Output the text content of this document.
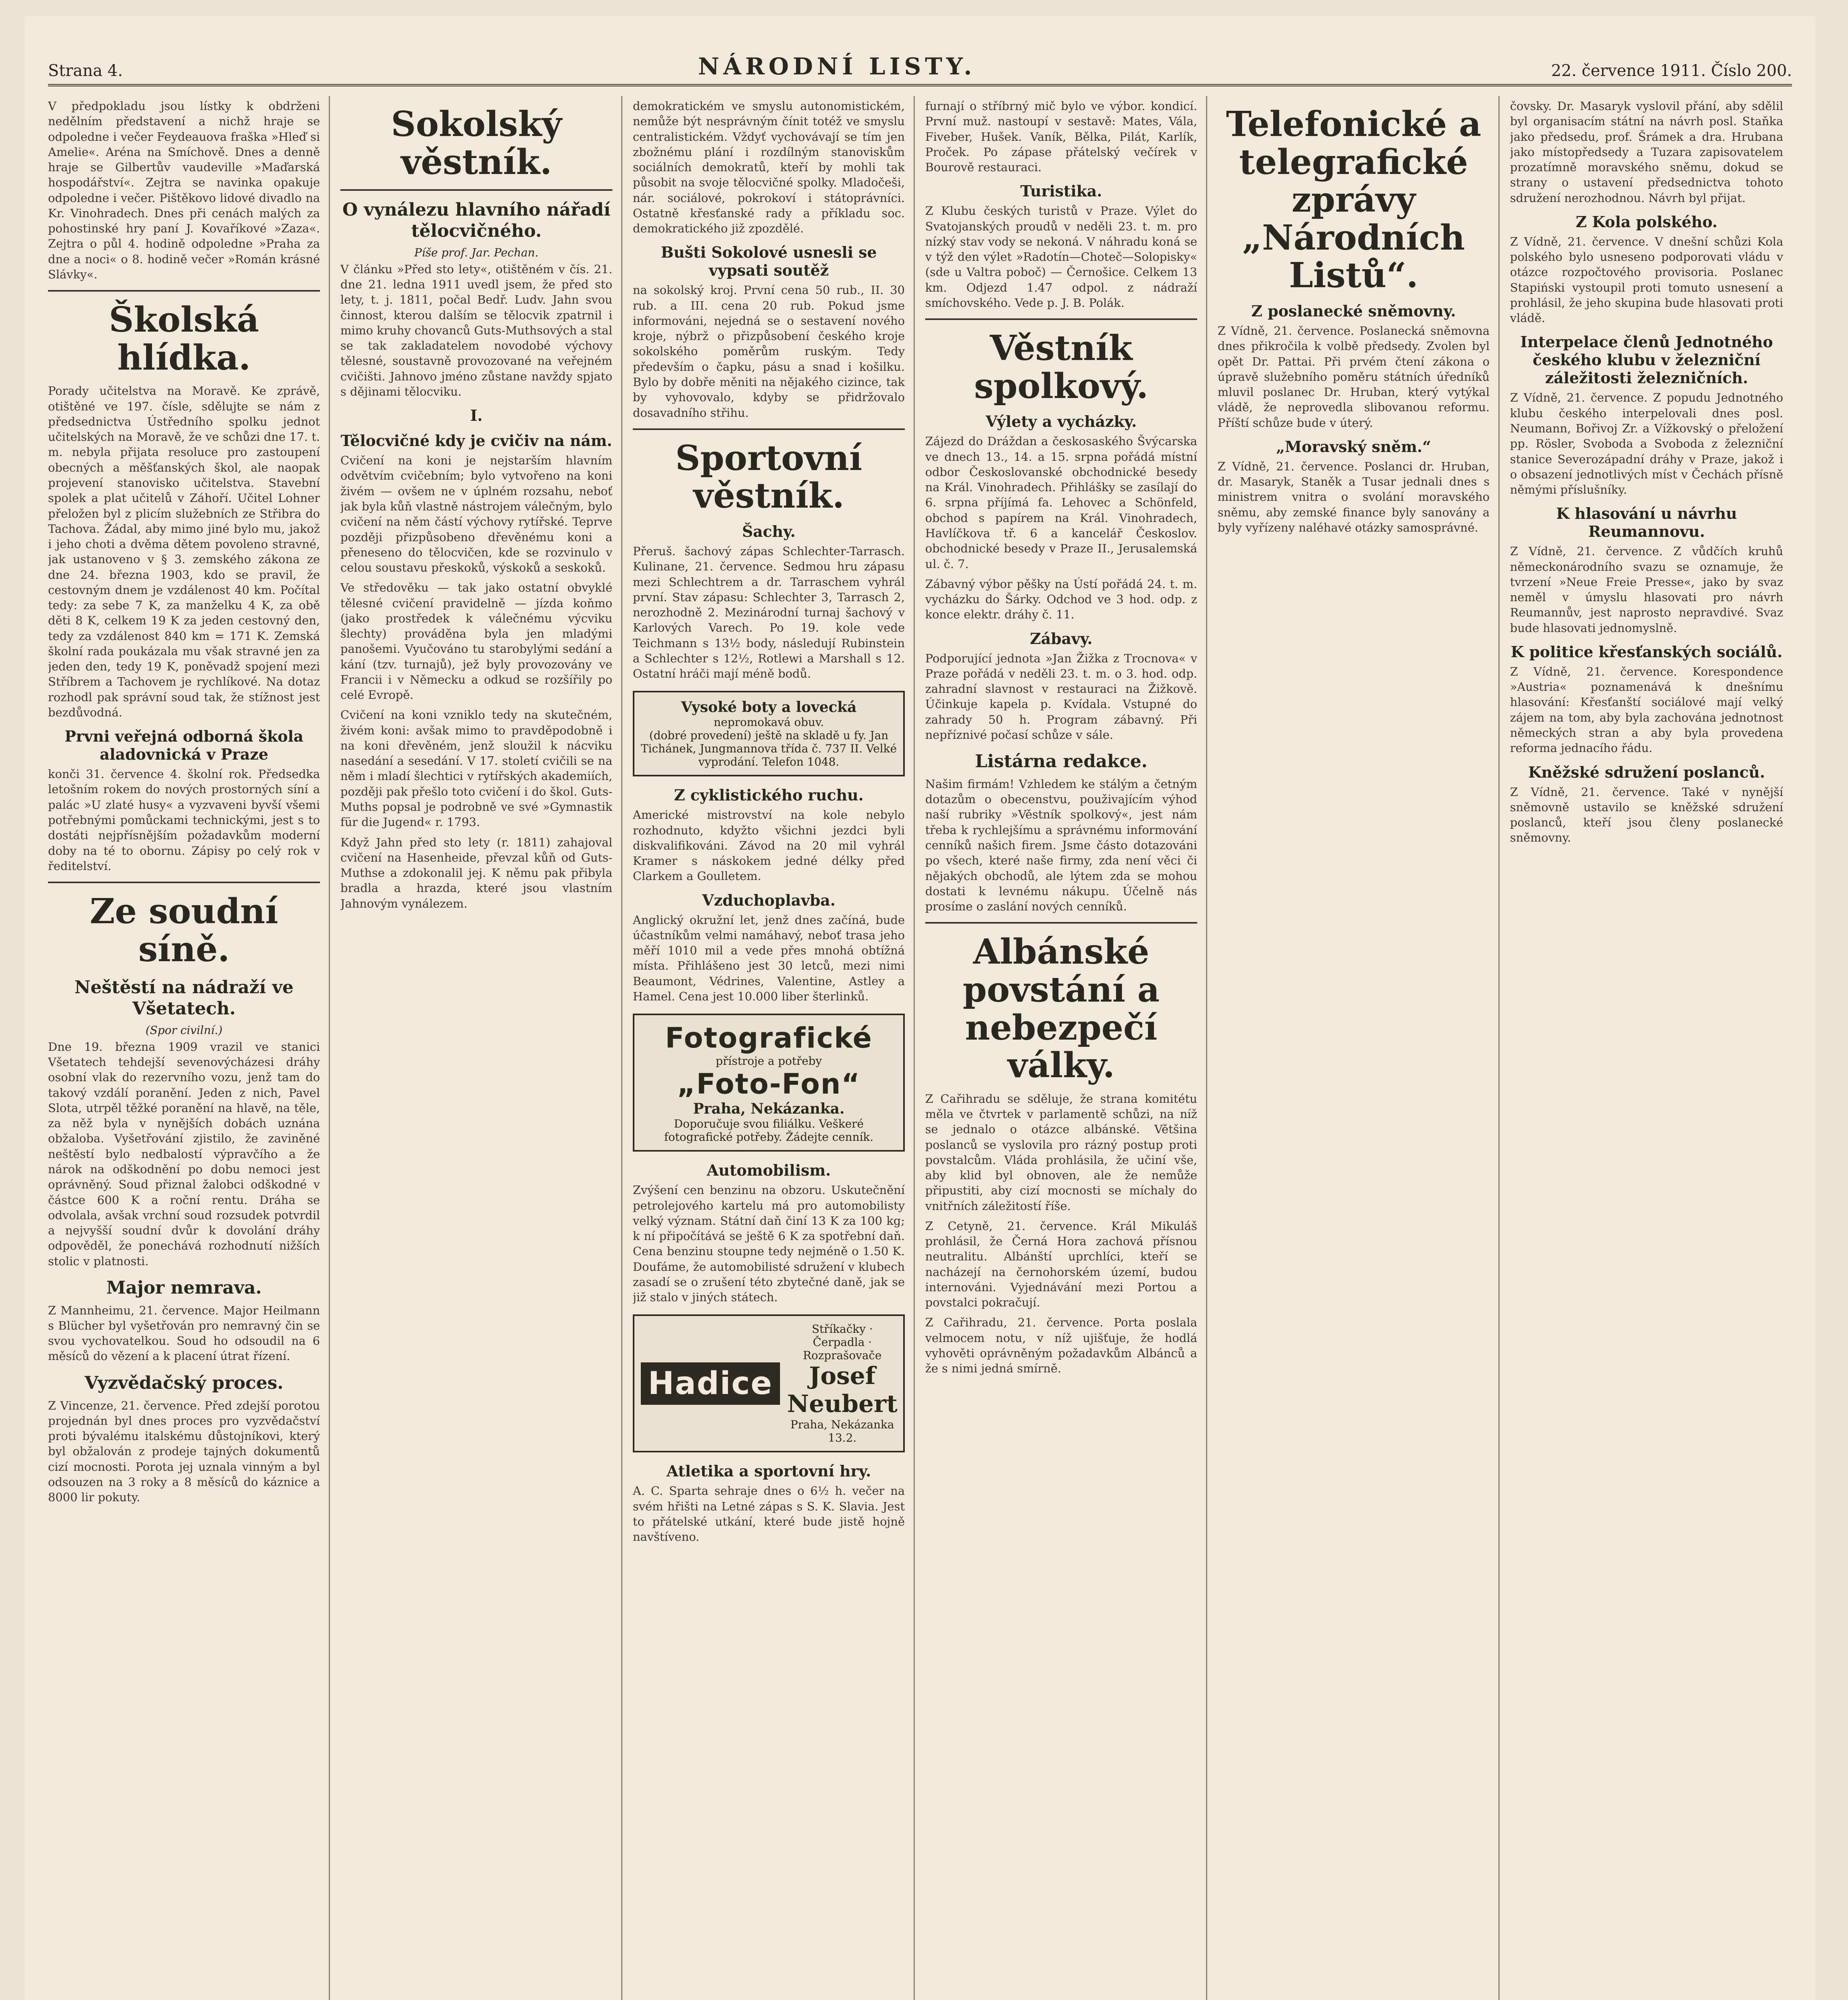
Strana 4.	NÁRODNÍ LISTY.	22. července 1911. Číslo 200.

V předpokladu jsou lístky k obdrženi nedělním představení a nichž hraje se odpoledne i večer Feydeauova fraška »Hleď si Amelie«. Aréna na Smíchově. Dnes a denně hraje se Gilbertův vaudeville »Maďarská hospodářství«. Zejtra se navinka opakuje odpoledne i večer. Pištěkovo lidové divadlo na Kr. Vinohradech. Dnes při cenách malých za pohostinské hry paní J. Kovaříkové »Zaza«. Zejtra o půl 4. hodině odpoledne »Praha za dne a noci« o 8. hodině večer »Román krásné Slávky«.

Školská hlídka.

Porady učitelstva na Moravě. Ke zprávě, otištěné ve 197. čísle, sdělujte se nám z předsednictva Ústředního spolku jednot učitelských na Moravě, že ve schůzi dne 17. t. m. nebyla přijata resoluce pro zastoupení obecných a měšťanských škol, ale naopak projevení stanovisko učitelstva. Stavební spolek a plat učitelů v Záhoří. Učitel Lohner přeložen byl z plicím služebních ze Střibra do Tachova. Žádal, aby mimo jiné bylo mu, jakož i jeho choti a dvěma dětem povoleno stravné, jak ustanoveno v § 3. zemského zákona ze dne 24. března 1903, kdo se pravil, že cestovným dnem je vzdálenost 40 km. Počítal tedy: za sebe 7 K, za manželku 4 K, za obě děti 8 K, celkem 19 K za jeden cestovný den, tedy za vzdálenost 840 km = 171 K. Zemská školní rada poukázala mu však stravné jen za jeden den, tedy 19 K, poněvadž spojení mezi Stříbrem a Tachovem je rychlíkové. Na dotaz rozhodl pak správní soud tak, že stížnost jest bezdůvodná.

Prvni veřejná odborná škola aladovnická v Praze

konči 31. července 4. školní rok. Předsedka letošním rokem do nových prostorných síní a palác »U zlaté husy« a vyzvaveni byvší všemi potřebnými pomůckami technickými, jest s to dostáti nejpřísnějším požadavkům moderní doby na té to obornu. Zápisy po celý rok v ředitelství.

Ze soudní síně.
Neštěstí na nádraží ve Všetatech.

(Spor civilní.)

Dne 19. března 1909 vrazil ve stanici Všetatech tehdejší sevenovýcházesi dráhy osobní vlak do rezervního vozu, jenž tam do takový vzdálí poranění. Jeden z nich, Pavel Slota, utrpěl těžké poranění na hlavě, na těle, za něž byla v nynějších dobách uznána obžaloba. Vyšetřování zjistilo, že zaviněné neštěstí bylo nedbalostí výpravčího a že nárok na odškodnění po dobu nemoci jest oprávněný. Soud přiznal žalobci odškodné v částce 600 K a roční rentu. Dráha se odvolala, avšak vrchní soud rozsudek potvrdil a nejvyšší soudní dvůr k dovolání dráhy odpověděl, že ponechává rozhodnutí nižších stolic v platnosti.

Major nemrava.

Z Mannheimu, 21. července. Major Heilmann s Blücher byl vyšetřován pro nemravný čin se svou vychovatelkou. Soud ho odsoudil na 6 měsíců do vězení a k placení útrat řízení.

Vyzvědačský proces.

Z Vincenze, 21. července. Před zdejší porotou projednán byl dnes proces pro vyzvědačství proti bývalému italskému důstojníkovi, který byl obžalován z prodeje tajných dokumentů cizí mocnosti. Porota jej uznala vinným a byl odsouzen na 3 roky a 8 měsíců do káznice a 8000 lir pokuty.

Sokolský věstník.
O vynálezu hlavního nářadí tělocvičného.

Píše prof. Jar. Pechan.

V článku »Před sto lety«, otištěném v čís. 21. dne 21. ledna 1911 uvedl jsem, že před sto lety, t. j. 1811, počal Bedř. Ludv. Jahn svou činnost, kterou dalším se tělocvik zpatrnil i mimo kruhy chovanců Guts-Muthsových a stal se tak zakladatelem novodobé výchovy tělesné, soustavně provozované na veřejném cvičišti. Jahnovo jméno zůstane navždy spjato s dějinami tělocviku.

I.
Tělocvičné kdy je cvičiv na nám.

Cvičení na koni je nejstarším hlavním odvětvím cvičebním; bylo vytvořeno na koni živém — ovšem ne v úplném rozsahu, neboť jak byla kůň vlastně nástrojem válečným, bylo cvičení na něm částí výchovy rytířské. Teprve později přizpůsobeno dřevěnému koni a přeneseno do tělocvičen, kde se rozvinulo v celou soustavu přeskoků, výskoků a seskoků.

Ve středověku — tak jako ostatní obvyklé tělesné cvičení pravidelně — jízda koňmo (jako prostředek k válečnému výcviku šlechty) prováděna byla jen mladými panošemi. Vyučováno tu starobylými sedání a kání (tzv. turnajů), jež byly provozovány ve Francii i v Německu a odkud se rozšířily po celé Evropě.

Cvičení na koni vzniklo tedy na skutečném, živém koni: avšak mimo to pravděpodobně i na koni dřevěném, jenž sloužil k nácviku nasedání a sesedání. V 17. století cvičili se na něm i mladí šlechtici v rytířských akademiích, později pak přešlo toto cvičení i do škol. Guts-Muths popsal je podrobně ve své »Gymnastik für die Jugend« r. 1793.

Když Jahn před sto lety (r. 1811) zahajoval cvičení na Hasenheide, převzal kůň od Guts-Muthse a zdokonalil jej. K němu pak přibyla bradla a hrazda, které jsou vlastním Jahnovým vynálezem.

demokratickém ve smyslu autonomistickém, nemůže být nesprávným čínit totéž ve smyslu centralistickém. Vždyť vychovávají se tím jen zbožnému plání i rozdílným stanoviskům sociálních demokratů, kteří by mohli tak působit na svoje tělocvičné spolky. Mladočeši, nár. sociálové, pokrokoví i státoprávníci. Ostatně křesťanské rady a příkladu soc. demokratického již zpozdělé.

Bušti Sokolové usnesli se vypsati soutěž

na sokolský kroj. První cena 50 rub., II. 30 rub. a III. cena 20 rub. Pokud jsme informováni, nejedná se o sestavení nového kroje, nýbrž o přizpůsobení českého kroje sokolského poměrům ruským. Tedy především o čapku, pásu a snad i košilku. Bylo by dobře měniti na nějakého cizince, tak by vyhovovalo, kdyby se přidržovalo dosavadního střihu.

Sportovní věstník.
Šachy.

Přeruš. šachový zápas Schlechter-Tarrasch. Kulinane, 21. července. Sedmou hru zápasu mezi Schlechtrem a dr. Tarraschem vyhrál první. Stav zápasu: Schlechter 3, Tarrasch 2, nerozhodně 2. Mezinárodní turnaj šachový v Karlových Varech. Po 19. kole vede Teichmann s 13½ body, následují Rubinstein a Schlechter s 12½, Rotlewi a Marshall s 12. Ostatní hráči mají méně bodů.

Vysoké boty a lovecká
nepromokavá obuv.
(dobré provedení) ještě na skladě u fy. Jan Tichánek, Jungmannova třída č. 737 II. Velké vyprodání. Telefon 1048.
Z cyklistického ruchu.

Americké mistrovství na kole nebylo rozhodnuto, kdyžto všichni jezdci byli diskvalifikováni. Závod na 20 mil vyhrál Kramer s náskokem jedné délky před Clarkem a Goulletem.

Vzduchoplavba.

Anglický okružní let, jenž dnes začíná, bude účastníkům velmi namáhavý, neboť trasa jeho měří 1010 mil a vede přes mnohá obtížná místa. Přihlášeno jest 30 letců, mezi nimi Beaumont, Védrines, Valentine, Astley a Hamel. Cena jest 10.000 liber šterlinků.

Fotografické
přístroje a potřeby
„Foto-Fon“
Praha, Nekázanka.
Doporučuje svou filiálku. Veškeré fotografické potřeby. Žádejte cenník.
Automobilism.

Zvýšení cen benzinu na obzoru. Uskutečnění petrolejového kartelu má pro automobilisty velký význam. Státní daň činí 13 K za 100 kg; k ní připočítává se ještě 6 K za spotřební daň. Cena benzinu stoupne tedy nejméně o 1.50 K. Doufáme, že automobilisté sdružení v klubech zasadí se o zrušení této zbytečné daně, jak se již stalo v jiných státech.

Hadice
Stříkačky · Čerpadla · Rozprašovače
Josef Neubert
Praha, Nekázanka 13.2.
Atletika a sportovní hry.

A. C. Sparta sehraje dnes o 6½ h. večer na svém hřišti na Letné zápas s S. K. Slavia. Jest to přátelské utkání, které bude jistě hojně navštíveno.

furnají o stříbrný mič bylo ve výbor. kondicí. První muž. nastoupí v sestavě: Mates, Vála, Fiveber, Hušek. Vaník, Bělka, Pilát, Karlík, Proček. Po zápase přátelský večírek v Bourově restauraci.

Turistika.

Z Klubu českých turistů v Praze. Výlet do Svatojanských proudů v neděli 23. t. m. pro nízký stav vody se nekoná. V náhradu koná se v týž den výlet »Radotín—Choteč—Solopisky« (sde u Valtra poboč) — Černošice. Celkem 13 km. Odjezd 1.47 odpol. z nádraží smíchovského. Vede p. J. B. Polák.

Věstník spolkový.
Výlety a vycházky.

Zájezd do Dráždan a českosaského Švýcarska ve dnech 13., 14. a 15. srpna pořádá místní odbor Českoslovanské obchodnické besedy na Král. Vinohradech. Přihlášky se zasílají do 6. srpna příjímá fa. Lehovec a Schönfeld, obchod s papírem na Král. Vinohradech, Havlíčkova tř. 6 a kancelář Českoslov. obchodnické besedy v Praze II., Jerusalemská ul. č. 7.

Zábavný výbor pěšky na Ústí pořádá 24. t. m. vycházku do Šárky. Odchod ve 3 hod. odp. z konce elektr. dráhy č. 11.

Zábavy.

Podporující jednota »Jan Žižka z Trocnova« v Praze pořádá v neděli 23. t. m. o 3. hod. odp. zahradní slavnost v restauraci na Žižkově. Účinkuje kapela p. Kvídala. Vstupné do zahrady 50 h. Program zábavný. Při nepříznivé počasí schůze v sále.

Listárna redakce.

Našim firmám! Vzhledem ke stálým a četným dotazům o obecenstvu, použivajícím výhod naší rubriky »Věstník spolkový«, jest nám třeba k rychlejšímu a správnému informování cenníků našich firem. Jsme částo dotazováni po všech, které naše firmy, zda není věci či nějakých obchodů, ale lýtem zda se mohou dostati k levnému nákupu. Účelně nás prosíme o zaslání nových cenníků.

Albánské povstání a nebezpečí války.

Z Cařihradu se sděluje, že strana komitétu měla ve čtvrtek v parlamentě schůzi, na níž se jednalo o otázce albánské. Většina poslanců se vyslovila pro rázný postup proti povstalcům. Vláda prohlásila, že učiní vše, aby klid byl obnoven, ale že nemůže připustiti, aby cizí mocnosti se míchaly do vnitřních záležitostí říše.

Z Cetyně, 21. července. Král Mikuláš prohlásil, že Černá Hora zachová přísnou neutralitu. Albánští uprchlíci, kteří se nacházejí na černohorském území, budou internováni. Vyjednávání mezi Portou a povstalci pokračují.

Z Cařihradu, 21. července. Porta poslala velmocem notu, v níž ujišťuje, že hodlá vyhověti oprávněným požadavkům Albánců a že s nimi jedná smírně.

Telefonické a telegrafické zprávy „Národních Listů“.
Z poslanecké sněmovny.

Z Vídně, 21. července. Poslanecká sněmovna dnes přikročila k volbě předsedy. Zvolen byl opět Dr. Pattai. Při prvém čtení zákona o úpravě služebního poměru státních úředníků mluvil poslanec Dr. Hruban, který vytýkal vládě, že neprovedla slibovanou reformu. Příští schůze bude v úterý.

„Moravský sněm.“

Z Vídně, 21. července. Poslanci dr. Hruban, dr. Masaryk, Staněk a Tusar jednali dnes s ministrem vnitra o svolání moravského sněmu, aby zemské finance byly sanovány a byly vyřízeny naléhavé otázky samosprávné.

čovsky. Dr. Masaryk vyslovil přání, aby sdělil byl organisacím státní na návrh posl. Staňka jako předsedu, prof. Šrámek a dra. Hrubana jako místopředsedy a Tuzara zapisovatelem prozatímně moravského sněmu, dokud se strany o ustavení předsednictva tohoto sdružení nerozhodnou. Návrh byl přijat.

Z Kola polského.

Z Vídně, 21. července. V dnešní schůzi Kola polského bylo usneseno podporovati vládu v otázce rozpočtového provisoria. Poslanec Stapiński vystoupil proti tomuto usnesení a prohlásil, že jeho skupina bude hlasovati proti vládě.

Interpelace členů Jednotného českého klubu v železniční záležitosti železničních.

Z Vídně, 21. července. Z popudu Jednotného klubu českého interpelovali dnes posl. Neumann, Bořivoj Zr. a Vížkovský o přeložení pp. Rösler, Svoboda a Svoboda z železniční stanice Severozápadní dráhy v Praze, jakož i o obsazení jednotlivých míst v Čechách přísně němými příslušníky.

K hlasování u návrhu Reumannovu.

Z Vídně, 21. července. Z vůdčích kruhů německonárodního svazu se oznamuje, že tvrzení »Neue Freie Presse«, jako by svaz neměl v úmyslu hlasovati pro návrh Reumannův, jest naprosto nepravdivé. Svaz bude hlasovati jednomyslně.

K politice křesťanských sociálů.

Z Vídně, 21. července. Korespondence »Austria« poznamenává k dnešnímu hlasování: Křesťanští sociálové mají velký zájem na tom, aby byla zachována jednotnost německých stran a aby byla provedena reforma jednacího řádu.

Kněžské sdružení poslanců.

Z Vídně, 21. července. Také v nynější sněmovně ustavilo se kněžské sdružení poslanců, kteří jsou členy poslanecké sněmovny.
